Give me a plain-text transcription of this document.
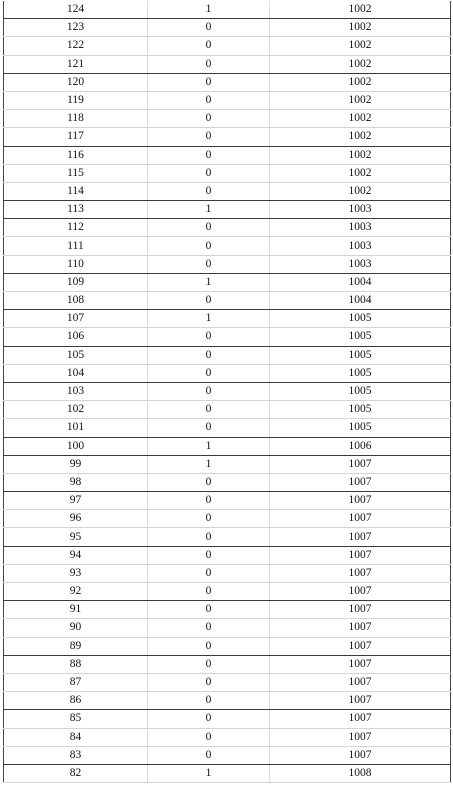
124	1	1002
123	0	1002
122	0	1002
121	0	1002
120	0	1002
119	0	1002
118	0	1002
117	0	1002
116	0	1002
115	0	1002
114	0	1002
113	1	1003
112	0	1003
111	0	1003
110	0	1003
109	1	1004
108	0	1004
107	1	1005
106	0	1005
105	0	1005
104	0	1005
103	0	1005
102	0	1005
101	0	1005
100	1	1006
99	1	1007
98	0	1007
97	0	1007
96	0	1007
95	0	1007
94	0	1007
93	0	1007
92	0	1007
91	0	1007
90	0	1007
89	0	1007
88	0	1007
87	0	1007
86	0	1007
85	0	1007
84	0	1007
83	0	1007
82	1	1008
